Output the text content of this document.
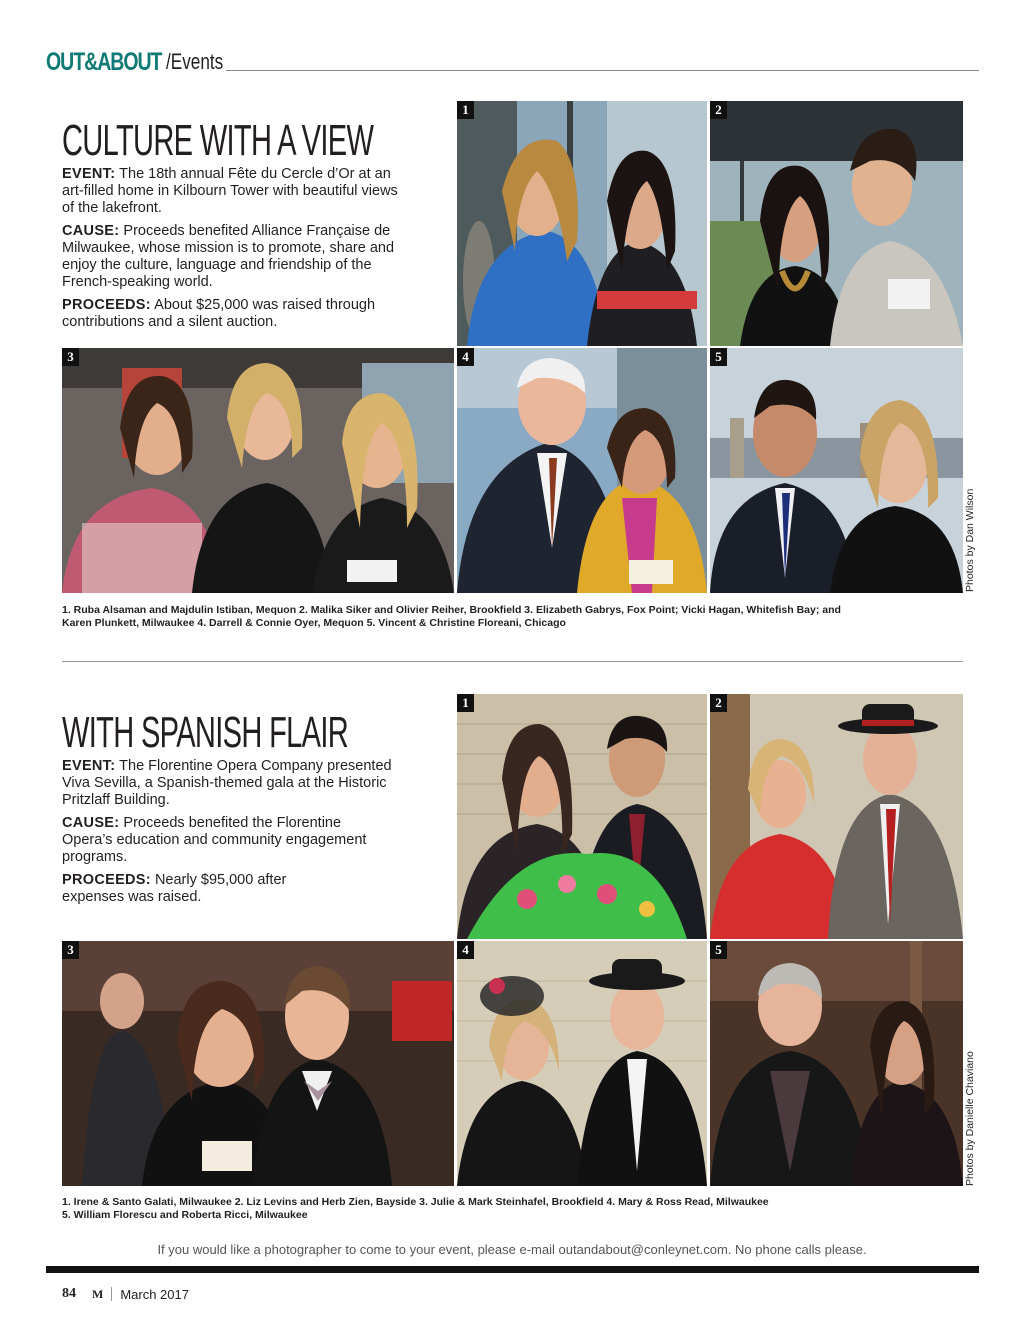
OUT&ABOUT /Events
CULTURE WITH A VIEW

EVENT: The 18th annual Fête du Cercle d’Or at an art-filled home in Kilbourn Tower with beautiful views of the lakefront.

CAUSE: Proceeds benefited Alliance Française de Milwaukee, whose mission is to promote, share and enjoy the culture, language and friendship of the French-speaking world.

PROCEEDS: About $25,000 was raised through contributions and a silent auction.

1	2
3	4	5
Photos by Dan Wilson
1. Ruba Alsaman and Majdulin Istiban, Mequon 2. Malika Siker and Olivier Reiher, Brookfield 3. Elizabeth Gabrys, Fox Point; Vicki Hagan, Whitefish Bay; and
Karen Plunkett, Milwaukee 4. Darrell & Connie Oyer, Mequon 5. Vincent & Christine Floreani, Chicago
WITH SPANISH FLAIR

EVENT: The Florentine Opera Company presented Viva Sevilla, a Spanish-themed gala at the Historic Pritzlaff Building.

CAUSE: Proceeds benefited the Florentine Opera’s education and community engagement programs.

PROCEEDS: Nearly $95,000 after expenses was raised.

1	2
3	4	5
Photos by Danielle Chaviano
1. Irene & Santo Galati, Milwaukee 2. Liz Levins and Herb Zien, Bayside 3. Julie & Mark Steinhafel, Brookfield 4. Mary & Ross Read, Milwaukee
5. William Florescu and Roberta Ricci, Milwaukee
If you would like a photographer to come to your event, please e-mail outandabout@conleynet.com. No phone calls please.
84 M March 2017
